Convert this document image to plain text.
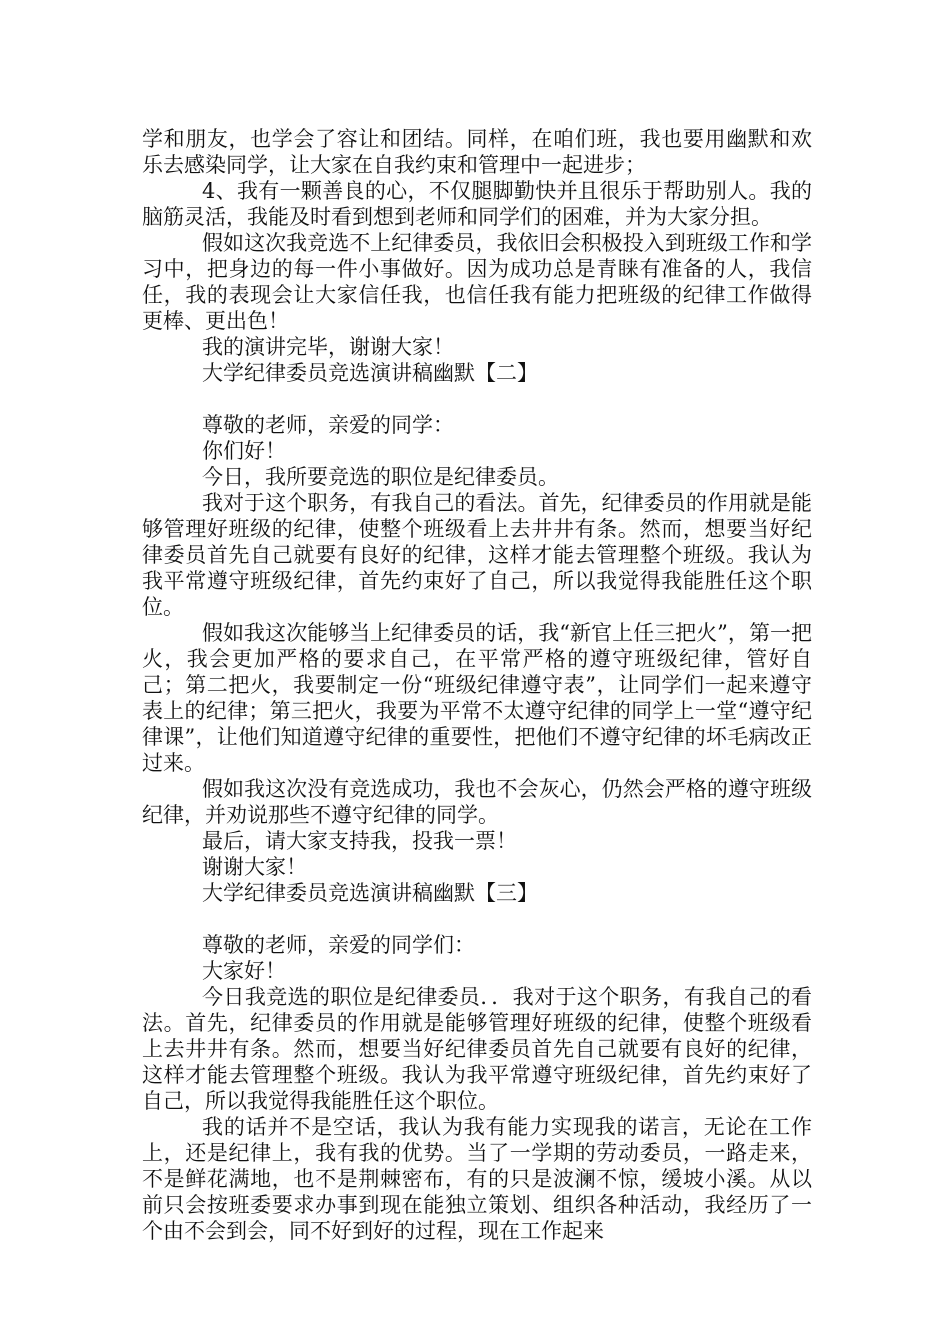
学和朋友，也学会了容让和团结。同样，在咱们班，我也要用幽默和欢乐去感染同学，让大家在自我约束和管理中一起进步；

4、我有一颗善良的心，不仅腿脚勤快并且很乐于帮助别人。我的脑筋灵活，我能及时看到想到老师和同学们的困难，并为大家分担。

假如这次我竞选不上纪律委员，我依旧会积极投入到班级工作和学习中，把身边的每一件小事做好。因为成功总是青睐有准备的人，我信任，我的表现会让大家信任我，也信任我有能力把班级的纪律工作做得更棒、更出色！

我的演讲完毕，谢谢大家！

大学纪律委员竞选演讲稿幽默【二】

尊敬的老师，亲爱的同学：

你们好！

今日，我所要竞选的职位是纪律委员。

我对于这个职务，有我自己的看法。首先，纪律委员的作用就是能够管理好班级的纪律，使整个班级看上去井井有条。然而，想要当好纪律委员首先自己就要有良好的纪律，这样才能去管理整个班级。我认为我平常遵守班级纪律，首先约束好了自己，所以我觉得我能胜任这个职位。

假如我这次能够当上纪律委员的话，我“新官上任三把火”，第一把火，我会更加严格的要求自己，在平常严格的遵守班级纪律，管好自己；第二把火，我要制定一份“班级纪律遵守表”，让同学们一起来遵守表上的纪律；第三把火，我要为平常不太遵守纪律的同学上一堂“遵守纪律课”，让他们知道遵守纪律的重要性，把他们不遵守纪律的坏毛病改正过来。

假如我这次没有竞选成功，我也不会灰心，仍然会严格的遵守班级纪律，并劝说那些不遵守纪律的同学。

最后，请大家支持我，投我一票！

谢谢大家！

大学纪律委员竞选演讲稿幽默【三】

尊敬的老师，亲爱的同学们：

大家好！

今日我竞选的职位是纪律委员．．我对于这个职务，有我自己的看法。首先，纪律委员的作用就是能够管理好班级的纪律，使整个班级看上去井井有条。然而，想要当好纪律委员首先自己就要有良好的纪律，这样才能去管理整个班级。我认为我平常遵守班级纪律，首先约束好了自己，所以我觉得我能胜任这个职位。

我的话并不是空话，我认为我有能力实现我的诺言，无论在工作上，还是纪律上，我有我的优势。当了一学期的劳动委员，一路走来，不是鲜花满地，也不是荆棘密布，有的只是波澜不惊，缓坡小溪。从以前只会按班委要求办事到现在能独立策划、组织各种活动，我经历了一个由不会到会，同不好到好的过程，现在工作起来
